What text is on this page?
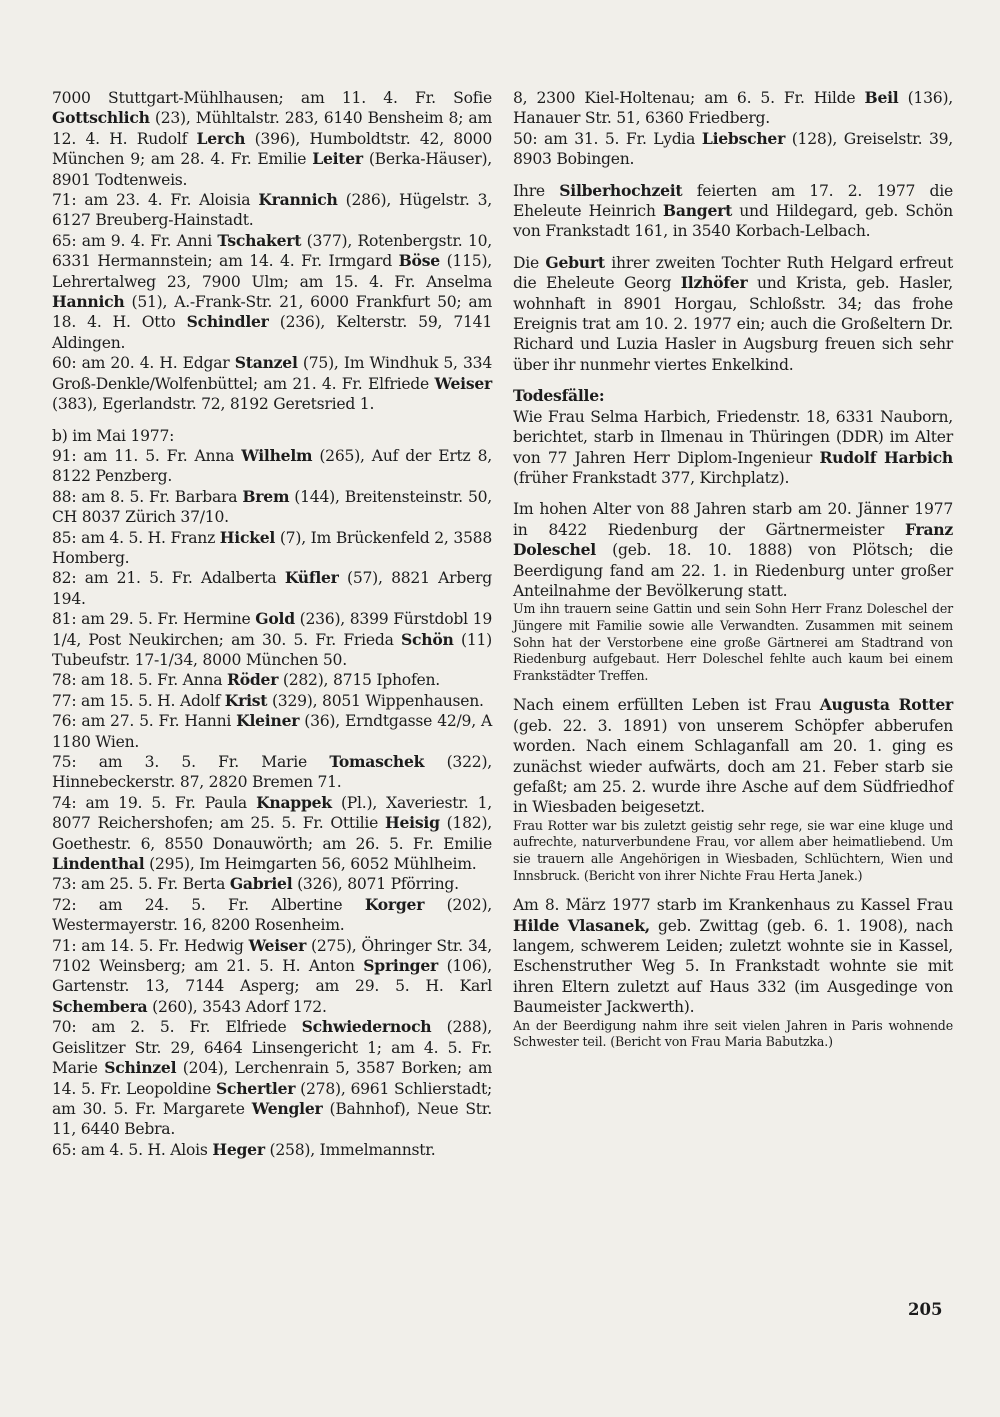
7000 Stuttgart-Mühlhausen; am 11. 4. Fr. Sofie Gottschlich (23), Mühltalstr. 283, 6140 Bensheim 8; am 12. 4. H. Rudolf Lerch (396), Humboldtstr. 42, 8000 München 9; am 28. 4. Fr. Emilie Leiter (Berka-Häuser), 8901 Todtenweis.

71: am 23. 4. Fr. Aloisia Krannich (286), Hügelstr. 3, 6127 Breuberg-Hainstadt.

65: am 9. 4. Fr. Anni Tschakert (377), Rotenbergstr. 10, 6331 Hermannstein; am 14. 4. Fr. Irmgard Böse (115), Lehrertalweg 23, 7900 Ulm; am 15. 4. Fr. Anselma Hannich (51), A.-Frank-Str. 21, 6000 Frankfurt 50; am 18. 4. H. Otto Schindler (236), Kelterstr. 59, 7141 Aldingen.

60: am 20. 4. H. Edgar Stanzel (75), Im Windhuk 5, 334 Groß-Denkle/Wolfenbüttel; am 21. 4. Fr. Elfriede Weiser (383), Egerlandstr. 72, 8192 Geretsried 1.

b) im Mai 1977:

91: am 11. 5. Fr. Anna Wilhelm (265), Auf der Ertz 8, 8122 Penzberg.

88: am 8. 5. Fr. Barbara Brem (144), Breitensteinstr. 50, CH 8037 Zürich 37/10.

85: am 4. 5. H. Franz Hickel (7), Im Brückenfeld 2, 3588 Homberg.

82: am 21. 5. Fr. Adalberta Küfler (57), 8821 Arberg 194.

81: am 29. 5. Fr. Hermine Gold (236), 8399 Fürstdobl 19 1/4, Post Neukirchen; am 30. 5. Fr. Frieda Schön (11) Tubeufstr. 17-1/34, 8000 München 50.

78: am 18. 5. Fr. Anna Röder (282), 8715 Iphofen.

77: am 15. 5. H. Adolf Krist (329), 8051 Wippenhausen.

76: am 27. 5. Fr. Hanni Kleiner (36), Erndtgasse 42/9, A 1180 Wien.

75: am 3. 5. Fr. Marie Tomaschek (322), Hinnebeckerstr. 87, 2820 Bremen 71.

74: am 19. 5. Fr. Paula Knappek (Pl.), Xaveriestr. 1, 8077 Reichershofen; am 25. 5. Fr. Ottilie Heisig (182), Goethestr. 6, 8550 Donauwörth; am 26. 5. Fr. Emilie Lindenthal (295), Im Heimgarten 56, 6052 Mühlheim.

73: am 25. 5. Fr. Berta Gabriel (326), 8071 Pförring.

72: am 24. 5. Fr. Albertine Korger (202), Westermayerstr. 16, 8200 Rosenheim.

71: am 14. 5. Fr. Hedwig Weiser (275), Öhringer Str. 34, 7102 Weinsberg; am 21. 5. H. Anton Springer (106), Gartenstr. 13, 7144 Asperg; am 29. 5. H. Karl Schembera (260), 3543 Adorf 172.

70: am 2. 5. Fr. Elfriede Schwiedernoch (288), Geislitzer Str. 29, 6464 Linsengericht 1; am 4. 5. Fr. Marie Schinzel (204), Lerchenrain 5, 3587 Borken; am 14. 5. Fr. Leopoldine Schertler (278), 6961 Schlierstadt; am 30. 5. Fr. Margarete Wengler (Bahnhof), Neue Str. 11, 6440 Bebra.

65: am 4. 5. H. Alois Heger (258), Immelmannstr.

8, 2300 Kiel-Holtenau; am 6. 5. Fr. Hilde Beil (136), Hanauer Str. 51, 6360 Friedberg.

50: am 31. 5. Fr. Lydia Liebscher (128), Greiselstr. 39, 8903 Bobingen.

Ihre Silberhochzeit feierten am 17. 2. 1977 die Eheleute Heinrich Bangert und Hildegard, geb. Schön von Frankstadt 161, in 3540 Korbach-Lelbach.

Die Geburt ihrer zweiten Tochter Ruth Helgard erfreut die Eheleute Georg Ilzhöfer und Krista, geb. Hasler, wohnhaft in 8901 Horgau, Schloßstr. 34; das frohe Ereignis trat am 10. 2. 1977 ein; auch die Großeltern Dr. Richard und Luzia Hasler in Augsburg freuen sich sehr über ihr nunmehr viertes Enkelkind.

Todesfälle:

Wie Frau Selma Harbich, Friedenstr. 18, 6331 Nauborn, berichtet, starb in Ilmenau in Thüringen (DDR) im Alter von 77 Jahren Herr Diplom-Ingenieur Rudolf Harbich (früher Frankstadt 377, Kirchplatz).

Im hohen Alter von 88 Jahren starb am 20. Jänner 1977 in 8422 Riedenburg der Gärtnermeister Franz Doleschel (geb. 18. 10. 1888) von Plötsch; die Beerdigung fand am 22. 1. in Riedenburg unter großer Anteilnahme der Bevölkerung statt.

Um ihn trauern seine Gattin und sein Sohn Herr Franz Doleschel der Jüngere mit Familie sowie alle Verwandten. Zusammen mit seinem Sohn hat der Verstorbene eine große Gärtnerei am Stadtrand von Riedenburg aufgebaut. Herr Doleschel fehlte auch kaum bei einem Frankstädter Treffen.

Nach einem erfüllten Leben ist Frau Augusta Rotter (geb. 22. 3. 1891) von unserem Schöpfer abberufen worden. Nach einem Schlaganfall am 20. 1. ging es zunächst wieder aufwärts, doch am 21. Feber starb sie gefaßt; am 25. 2. wurde ihre Asche auf dem Südfriedhof in Wiesbaden beigesetzt.

Frau Rotter war bis zuletzt geistig sehr rege, sie war eine kluge und aufrechte, naturverbundene Frau, vor allem aber heimatliebend. Um sie trauern alle Angehörigen in Wiesbaden, Schlüchtern, Wien und Innsbruck. (Bericht von ihrer Nichte Frau Herta Janek.)

Am 8. März 1977 starb im Krankenhaus zu Kassel Frau Hilde Vlasanek, geb. Zwittag (geb. 6. 1. 1908), nach langem, schwerem Leiden; zuletzt wohnte sie in Kassel, Eschenstruther Weg 5. In Frankstadt wohnte sie mit ihren Eltern zuletzt auf Haus 332 (im Ausgedinge von Baumeister Jackwerth).

An der Beerdigung nahm ihre seit vielen Jahren in Paris wohnende Schwester teil. (Bericht von Frau Maria Babutzka.)

205
